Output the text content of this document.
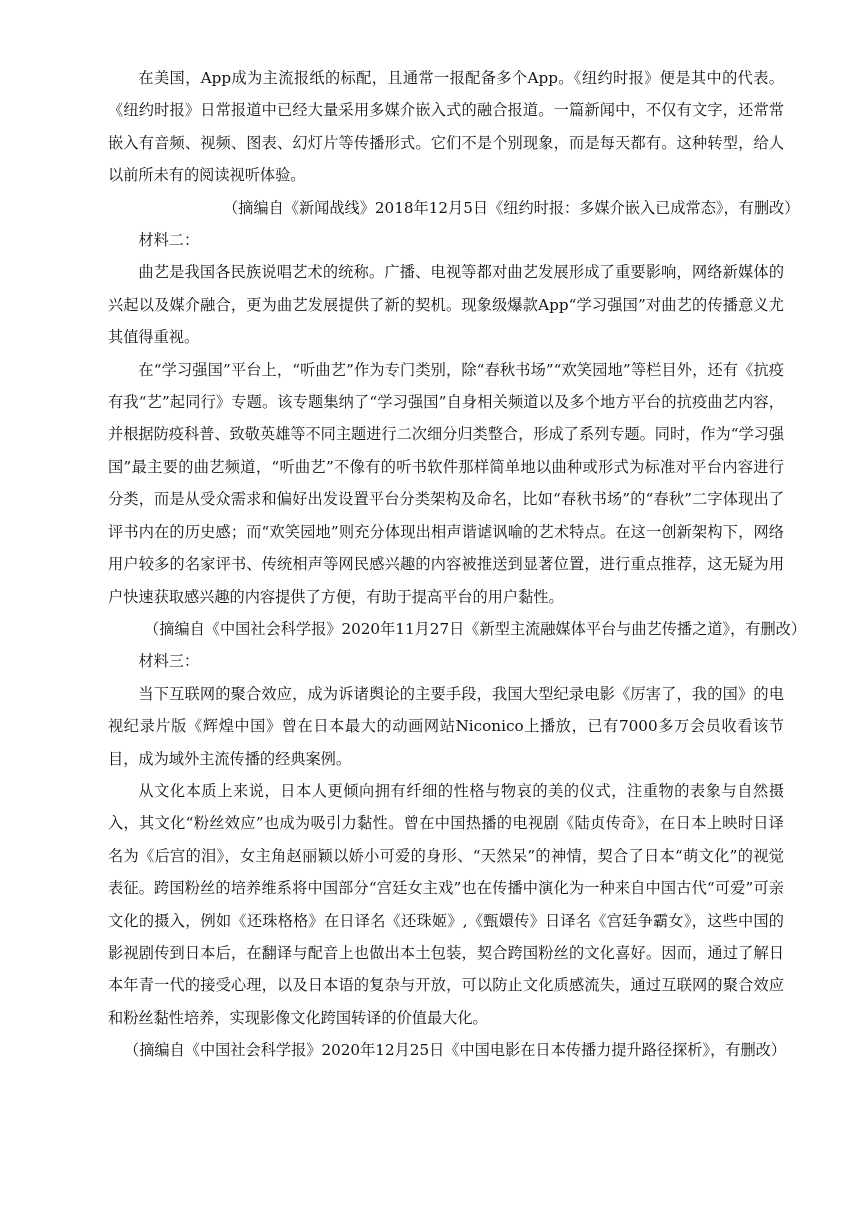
在美国，App成为主流报纸的标配，且通常一报配备多个App。《纽约时报》便是其中的代表。《纽约时报》日常报道中已经大量采用多媒介嵌入式的融合报道。一篇新闻中，不仅有文字，还常常嵌入有音频、视频、图表、幻灯片等传播形式。它们不是个别现象，而是每天都有。这种转型，给人以前所未有的阅读视听体验。

（摘编自《新闻战线》2018年12月5日《纽约时报：多媒介嵌入已成常态》，有删改）

材料二：

曲艺是我国各民族说唱艺术的统称。广播、电视等都对曲艺发展形成了重要影响，网络新媒体的兴起以及媒介融合，更为曲艺发展提供了新的契机。现象级爆款App“学习强国”对曲艺的传播意义尤其值得重视。

在“学习强国”平台上，“听曲艺”作为专门类别，除“春秋书场”“欢笑园地”等栏目外，还有《抗疫有我“艺”起同行》专题。该专题集纳了“学习强国”自身相关频道以及多个地方平台的抗疫曲艺内容，并根据防疫科普、致敬英雄等不同主题进行二次细分归类整合，形成了系列专题。同时，作为“学习强国”最主要的曲艺频道，“听曲艺”不像有的听书软件那样简单地以曲种或形式为标准对平台内容进行分类，而是从受众需求和偏好出发设置平台分类架构及命名，比如“春秋书场”的“春秋”二字体现出了评书内在的历史感；而“欢笑园地”则充分体现出相声谐谑讽喻的艺术特点。在这一创新架构下，网络用户较多的名家评书、传统相声等网民感兴趣的内容被推送到显著位置，进行重点推荐，这无疑为用户快速获取感兴趣的内容提供了方便，有助于提高平台的用户黏性。

（摘编自《中国社会科学报》2020年11月27日《新型主流融媒体平台与曲艺传播之道》，有删改）

材料三：

当下互联网的聚合效应，成为诉诸舆论的主要手段，我国大型纪录电影《厉害了，我的国》的电视纪录片版《辉煌中国》曾在日本最大的动画网站Niconico上播放，已有7000多万会员收看该节目，成为域外主流传播的经典案例。

从文化本质上来说，日本人更倾向拥有纤细的性格与物哀的美的仪式，注重物的表象与自然摄入，其文化“粉丝效应”也成为吸引力黏性。曾在中国热播的电视剧《陆贞传奇》，在日本上映时日译名为《后宫的泪》，女主角赵丽颖以娇小可爱的身形、“天然呆”的神情，契合了日本“萌文化”的视觉表征。跨国粉丝的培养维系将中国部分“宫廷女主戏”也在传播中演化为一种来自中国古代“可爱”可亲文化的摄入，例如《还珠格格》在日译名《还珠姬》,《甄嬛传》日译名《宫廷争霸女》，这些中国的影视剧传到日本后，在翻译与配音上也做出本土包装，契合跨国粉丝的文化喜好。因而，通过了解日本年青一代的接受心理，以及日本语的复杂与开放，可以防止文化质感流失，通过互联网的聚合效应和粉丝黏性培养，实现影像文化跨国转译的价值最大化。

（摘编自《中国社会科学报》2020年12月25日《中国电影在日本传播力提升路径探析》，有删改）
